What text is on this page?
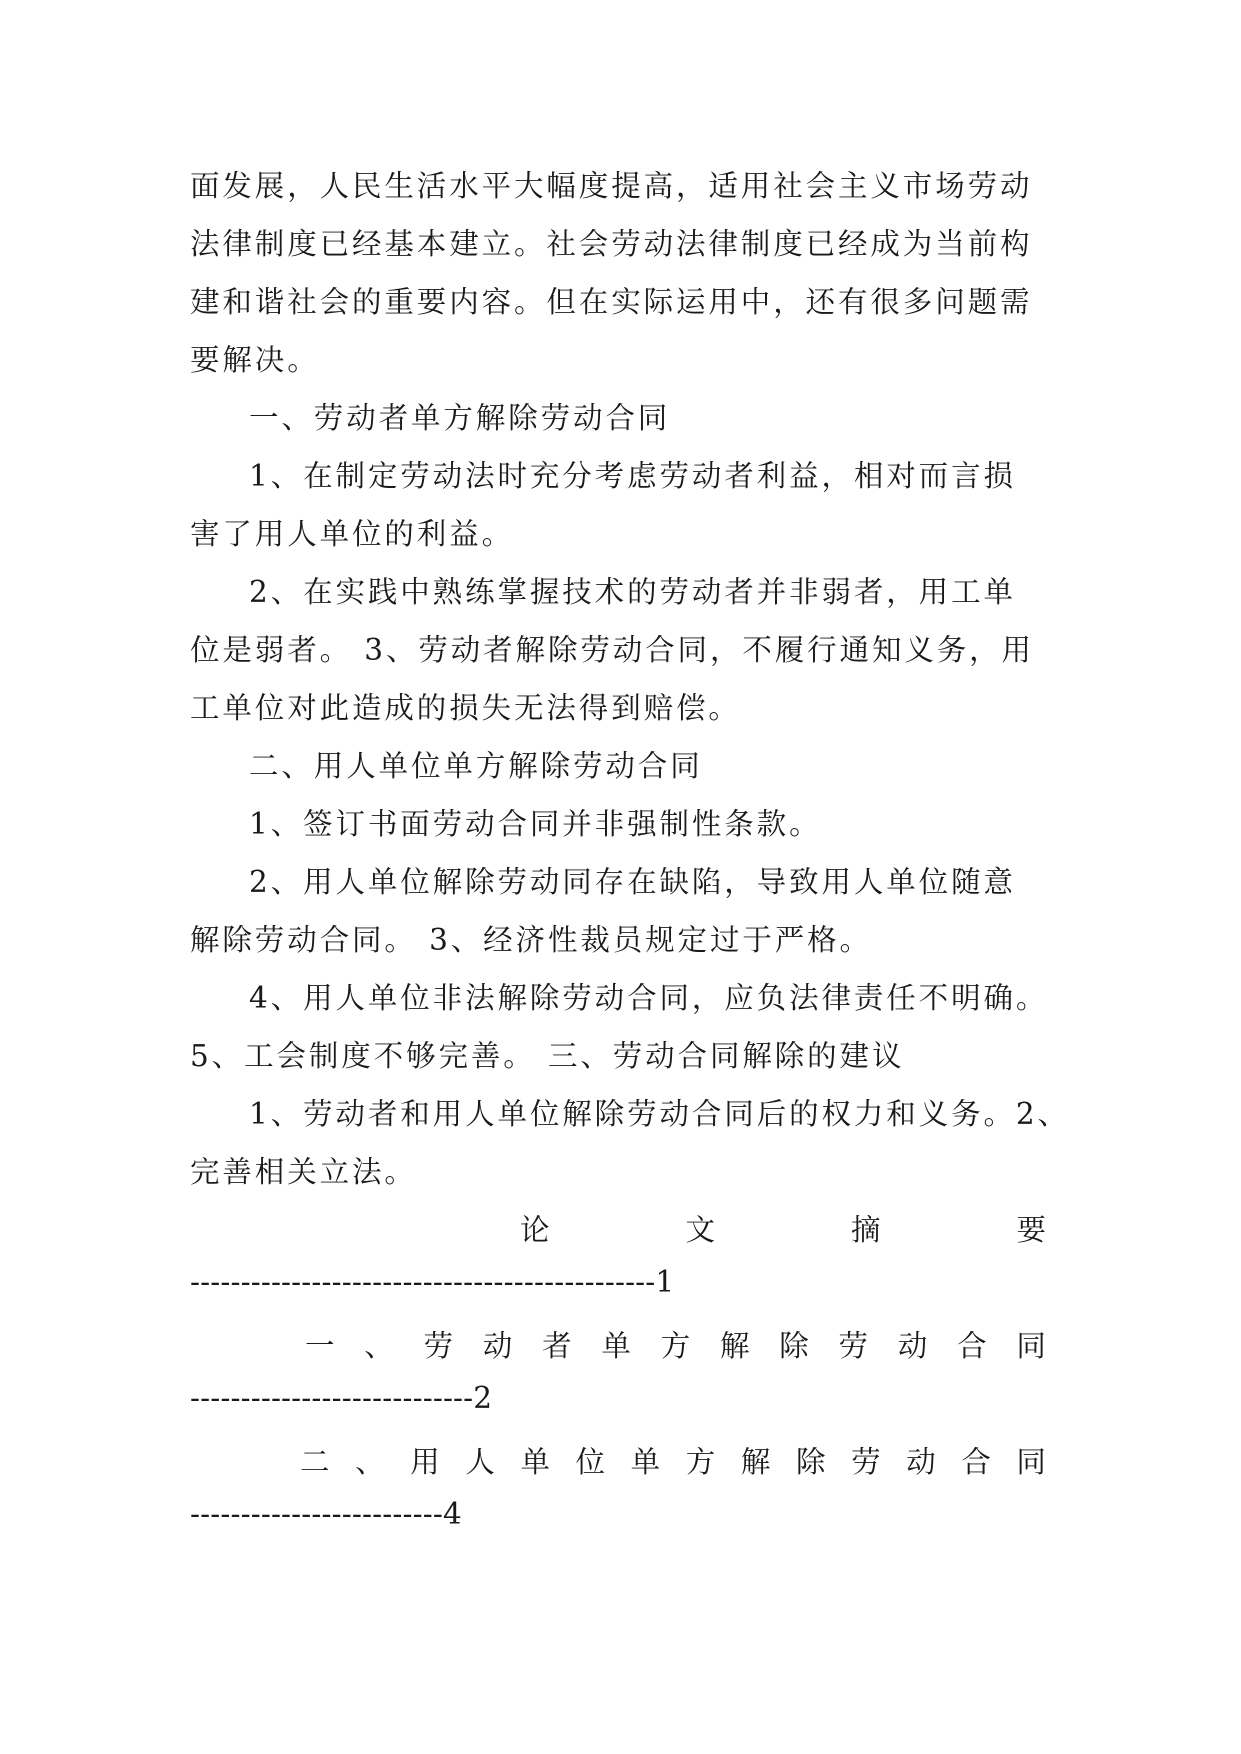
面发展，人民生活水平大幅度提高，适用社会主义市场劳动
法律制度已经基本建立。社会劳动法律制度已经成为当前构
建和谐社会的重要内容。但在实际运用中，还有很多问题需
要解决。
一、劳动者单方解除劳动合同
1、在制定劳动法时充分考虑劳动者利益，相对而言损
害了用人单位的利益。
2、在实践中熟练掌握技术的劳动者并非弱者，用工单
位是弱者。 3、劳动者解除劳动合同，不履行通知义务，用
工单位对此造成的损失无法得到赔偿。
二、用人单位单方解除劳动合同
1、签订书面劳动合同并非强制性条款。
2、用人单位解除劳动同存在缺陷，导致用人单位随意
解除劳动合同。 3、经济性裁员规定过于严格。
4、用人单位非法解除劳动合同，应负法律责任不明确。
5、工会制度不够完善。 三、劳动合同解除的建议
1、劳动者和用人单位解除劳动合同后的权力和义务。2、
完善相关立法。
论	文	摘	要
----------------------------------------------1
一 、 劳 动 者 单 方 解 除 劳 动 合 同
----------------------------2
二 、 用 人 单 位 单 方 解 除 劳 动 合 同
-------------------------4
